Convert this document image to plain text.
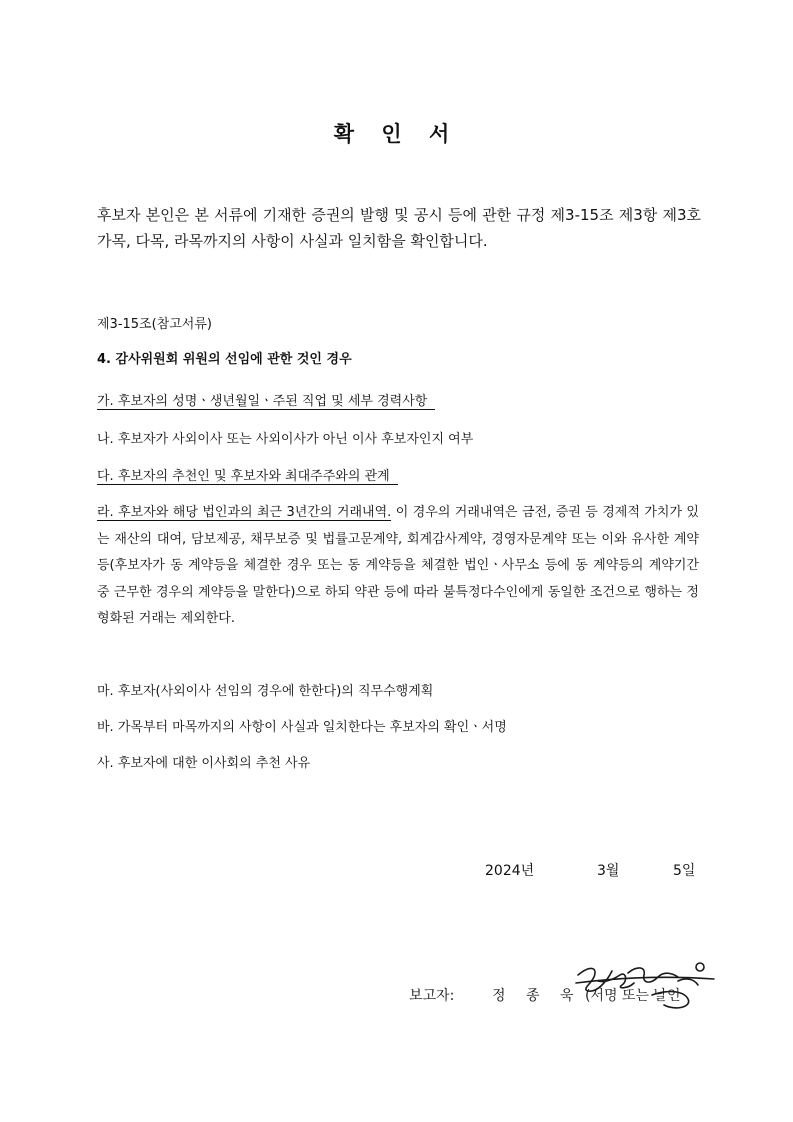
확 인 서
후보자 본인은 본 서류에 기재한 증권의 발행 및 공시 등에 관한 규정 제3-15조 제3항 제3호 가목, 다목, 라목까지의 사항이 사실과 일치함을 확인합니다.
제3-15조(참고서류)
4. 감사위원회 위원의 선임에 관한 것인 경우
가. 후보자의 성명ㆍ생년월일ㆍ주된 직업 및 세부 경력사항
나. 후보자가 사외이사 또는 사외이사가 아닌 이사 후보자인지 여부
다. 후보자의 추천인 및 후보자와 최대주주와의 관계
라. 후보자와 해당 법인과의 최근 3년간의 거래내역. 이 경우의 거래내역은 금전, 증권 등 경제적 가치가 있는 재산의 대여, 담보제공, 채무보증 및 법률고문계약, 회계감사계약, 경영자문계약 또는 이와 유사한 계약등(후보자가 동 계약등을 체결한 경우 또는 동 계약등을 체결한 법인ㆍ사무소 등에 동 계약등의 계약기간 중 근무한 경우의 계약등을 말한다)으로 하되 약관 등에 따라 불특정다수인에게 동일한 조건으로 행하는 정형화된 거래는 제외한다.
마. 후보자(사외이사 선임의 경우에 한한다)의 직무수행계획
바. 가목부터 마목까지의 사항이 사실과 일치한다는 후보자의 확인ㆍ서명
사. 후보자에 대한 이사회의 추천 사유
2024년	3월	5일
보고자:	정 종 욱 (서명 또는 날인
